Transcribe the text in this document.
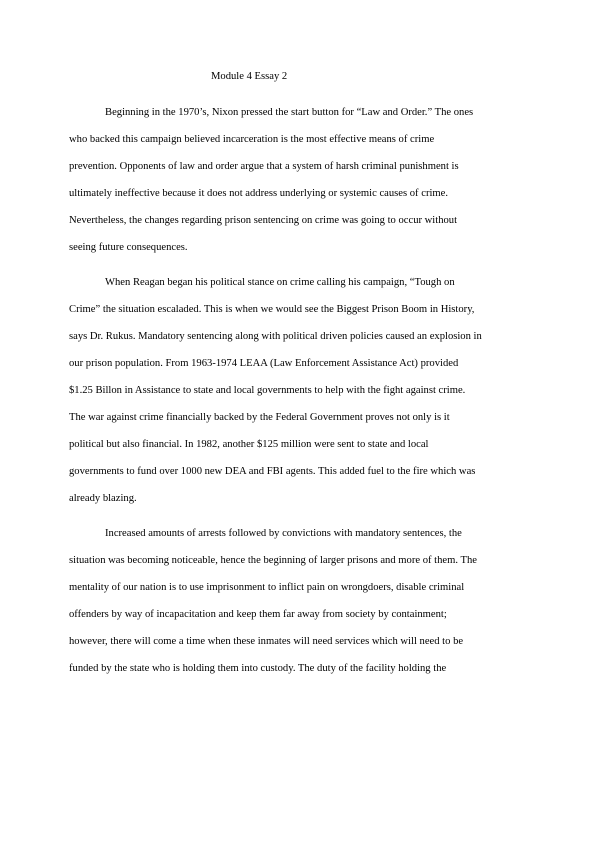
Module 4 Essay 2
Beginning in the 1970’s, Nixon pressed the start button for “Law and Order.” The ones
who backed this campaign believed incarceration is the most effective means of crime
prevention. Opponents of law and order argue that a system of harsh criminal punishment is
ultimately ineffective because it does not address underlying or systemic causes of crime.
Nevertheless, the changes regarding prison sentencing on crime was going to occur without
seeing future consequences.
When Reagan began his political stance on crime calling his campaign, “Tough on
Crime” the situation escaladed. This is when we would see the Biggest Prison Boom in History,
says Dr. Rukus. Mandatory sentencing along with political driven policies caused an explosion in
our prison population. From 1963-1974 LEAA (Law Enforcement Assistance Act) provided
$1.25 Billon in Assistance to state and local governments to help with the fight against crime.
The war against crime financially backed by the Federal Government proves not only is it
political but also financial. In 1982, another $125 million were sent to state and local
governments to fund over 1000 new DEA and FBI agents. This added fuel to the fire which was
already blazing.
Increased amounts of arrests followed by convictions with mandatory sentences, the
situation was becoming noticeable, hence the beginning of larger prisons and more of them. The
mentality of our nation is to use imprisonment to inflict pain on wrongdoers, disable criminal
offenders by way of incapacitation and keep them far away from society by containment;
however, there will come a time when these inmates will need services which will need to be
funded by the state who is holding them into custody. The duty of the facility holding the
